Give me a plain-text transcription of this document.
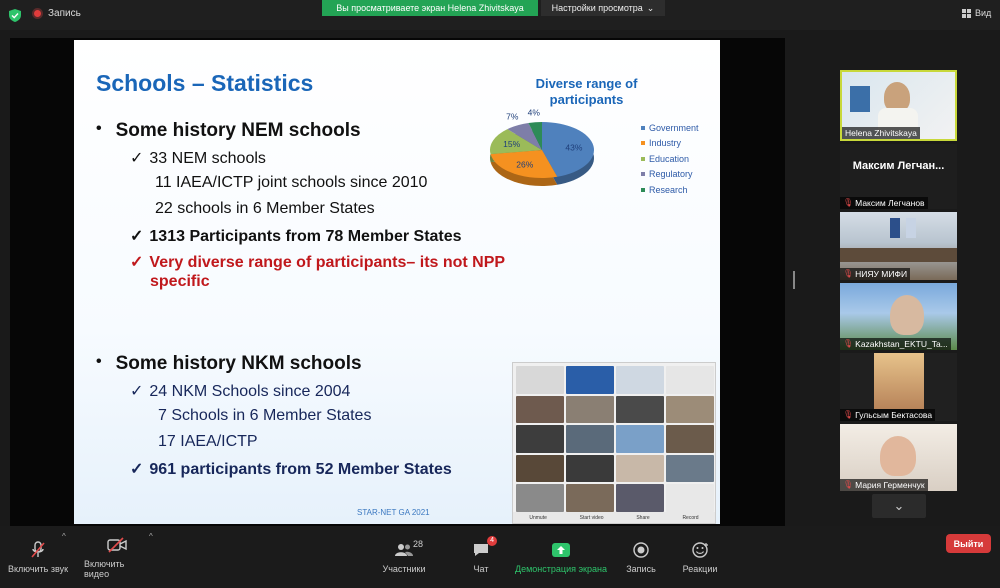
Запись	Вы просматриваете экран Helena Zhivitskaya	Настройки просмотра ⌄
Вид
Schools – Statistics
• Some history NEM schools
✓ 33 NEM schools
11 IAEA/ICTP joint schools since 2010
22 schools in 6 Member States
✓ 1313 Participants from 78 Member States
✓ Very diverse range of participants– its not NPP
specific
• Some history NKM schools
✓ 24 NKM Schools since 2004
7 Schools in 6 Member States
17 IAEA/ICTP
✓ 961 participants from 52 Member States
Diverse range of participants
43%
26%
15%
7% 4%
Government
Industry
Education
Regulatory
Research
Unmute	Start video	Share	Record
STAR-NET GA 2021
Helena Zhivitskaya
Максим Легчан...
🎙 Максим Легчанов
🎙 НИЯУ МИФИ
🎙 Kazakhstan_EKTU_Ta...
🎙 Гульсым Бектасова
🎙 Мария Герменчук
⌄
Включить звук
^
Включить видео
^
28
Участники
4
Чат	Демонстрация экрана Запись	Реакции
Выйти
